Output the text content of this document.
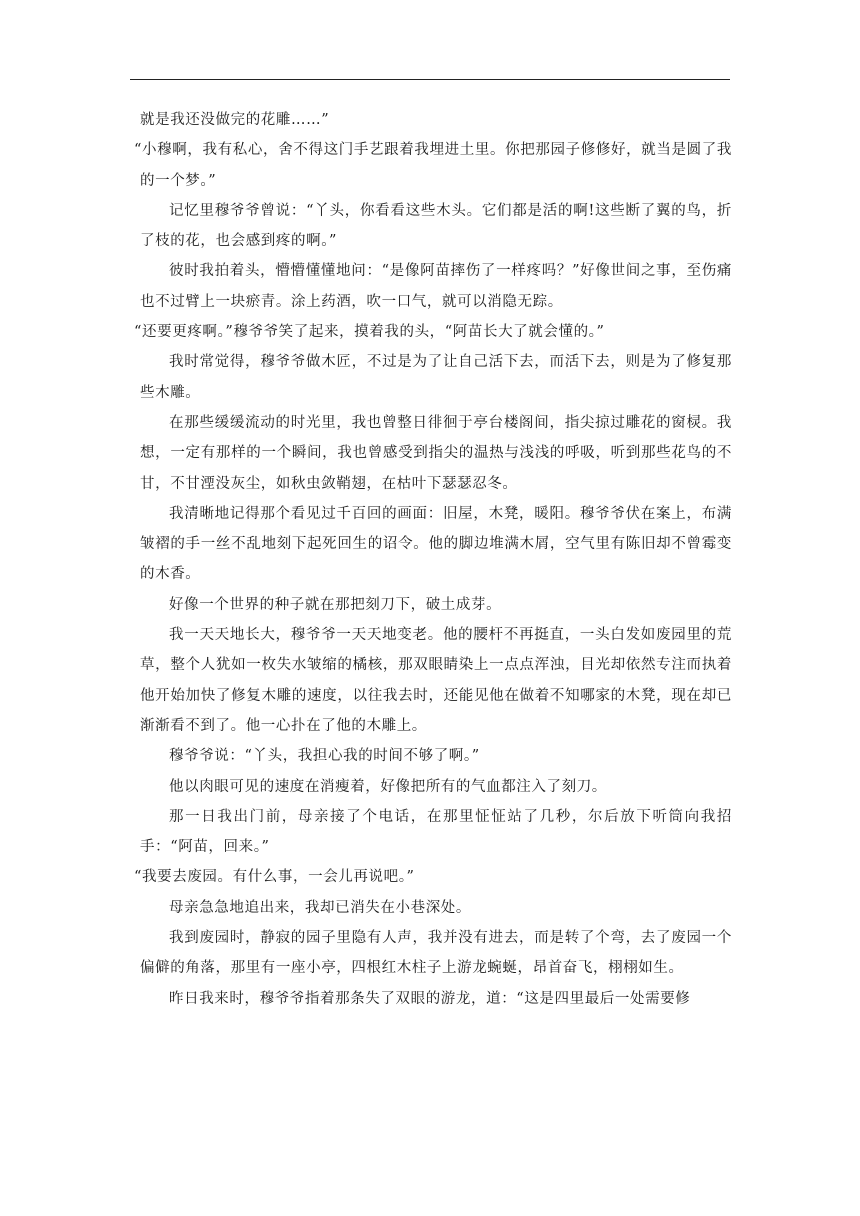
就是我还没做完的花雕……”

“小穆啊，我有私心，舍不得这门手艺跟着我埋进土里。你把那园子修修好，就当是圆了我的一个梦。”

记忆里穆爷爷曾说：“丫头，你看看这些木头。它们都是活的啊!这些断了翼的鸟，折了枝的花，也会感到疼的啊。”

彼时我拍着头，懵懵懂懂地问：“是像阿苗摔伤了一样疼吗？”好像世间之事，至伤痛也不过臂上一块瘀青。涂上药酒，吹一口气，就可以消隐无踪。

“还要更疼啊。”穆爷爷笑了起来，摸着我的头，“阿苗长大了就会懂的。”

我时常觉得，穆爷爷做木匠，不过是为了让自己活下去，而活下去，则是为了修复那些木雕。

在那些缓缓流动的时光里，我也曾整日徘徊于亭台楼阁间，指尖掠过雕花的窗棂。我想，一定有那样的一个瞬间，我也曾感受到指尖的温热与浅浅的呼吸，听到那些花鸟的不甘，不甘湮没灰尘，如秋虫敛鞘翅，在枯叶下瑟瑟忍冬。

我清晰地记得那个看见过千百回的画面：旧屋，木凳，暖阳。穆爷爷伏在案上，布满皱褶的手一丝不乱地刻下起死回生的诏令。他的脚边堆满木屑，空气里有陈旧却不曾霉变的木香。

好像一个世界的种子就在那把刻刀下，破土成芽。

我一天天地长大，穆爷爷一天天地变老。他的腰杆不再挺直，一头白发如废园里的荒草，整个人犹如一枚失水皱缩的橘核，那双眼睛染上一点点浑浊，目光却依然专注而执着他开始加快了修复木雕的速度，以往我去时，还能见他在做着不知哪家的木凳，现在却已渐渐看不到了。他一心扑在了他的木雕上。

穆爷爷说：“丫头，我担心我的时间不够了啊。”

他以肉眼可见的速度在消瘦着，好像把所有的气血都注入了刻刀。

那一日我出门前，母亲接了个电话，在那里怔怔站了几秒，尔后放下听筒向我招手：“阿苗，回来。”

“我要去废园。有什么事，一会儿再说吧。”

母亲急急地追出来，我却已消失在小巷深处。

我到废园时，静寂的园子里隐有人声，我并没有进去，而是转了个弯，去了废园一个偏僻的角落，那里有一座小亭，四根红木柱子上游龙蜿蜒，昂首奋飞，栩栩如生。

昨日我来时，穆爷爷指着那条失了双眼的游龙，道：“这是四里最后一处需要修
